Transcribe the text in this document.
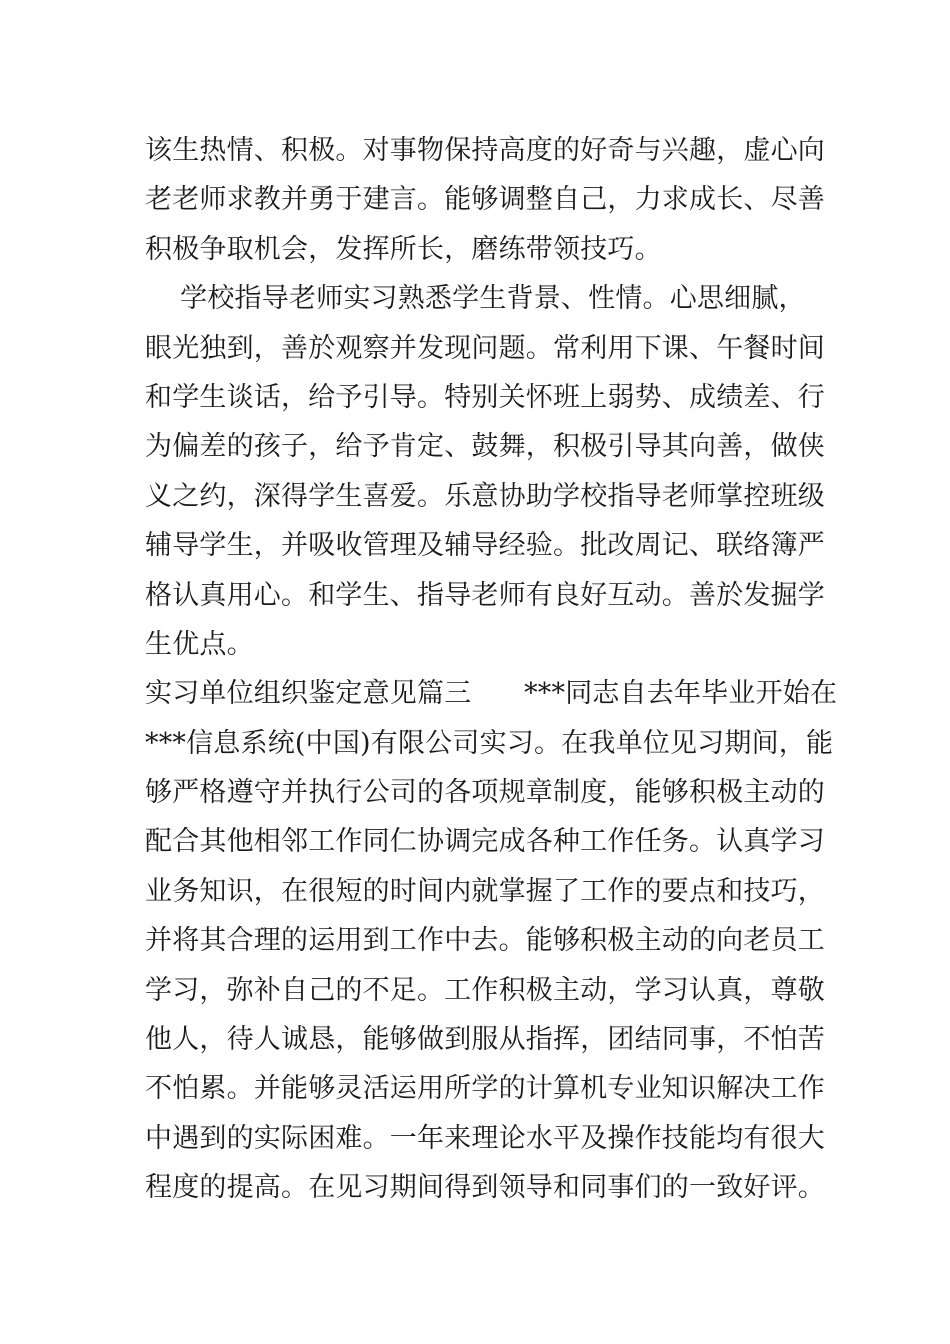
该生热情、积极。对事物保持高度的好奇与兴趣，虚心向
老老师求教并勇于建言。能够调整自己，力求成长、尽善
积极争取机会，发挥所长，磨练带领技巧。
学校指导老师实习熟悉学生背景、性情。心思细腻，
眼光独到，善於观察并发现问题。常利用下课、午餐时间
和学生谈话，给予引导。特别关怀班上弱势、成绩差、行
为偏差的孩子，给予肯定、鼓舞，积极引导其向善，做侠
义之约，深得学生喜爱。乐意协助学校指导老师掌控班级
辅导学生，并吸收管理及辅导经验。批改周记、联络簿严
格认真用心。和学生、指导老师有良好互动。善於发掘学
生优点。
实习单位组织鉴定意见篇三      ***同志自去年毕业开始在
***信息系统(中国)有限公司实习。在我单位见习期间，能
够严格遵守并执行公司的各项规章制度，能够积极主动的
配合其他相邻工作同仁协调完成各种工作任务。认真学习
业务知识，在很短的时间内就掌握了工作的要点和技巧，
并将其合理的运用到工作中去。能够积极主动的向老员工
学习，弥补自己的不足。工作积极主动，学习认真，尊敬
他人，待人诚恳，能够做到服从指挥，团结同事，不怕苦
不怕累。并能够灵活运用所学的计算机专业知识解决工作
中遇到的实际困难。一年来理论水平及操作技能均有很大
程度的提高。在见习期间得到领导和同事们的一致好评。
